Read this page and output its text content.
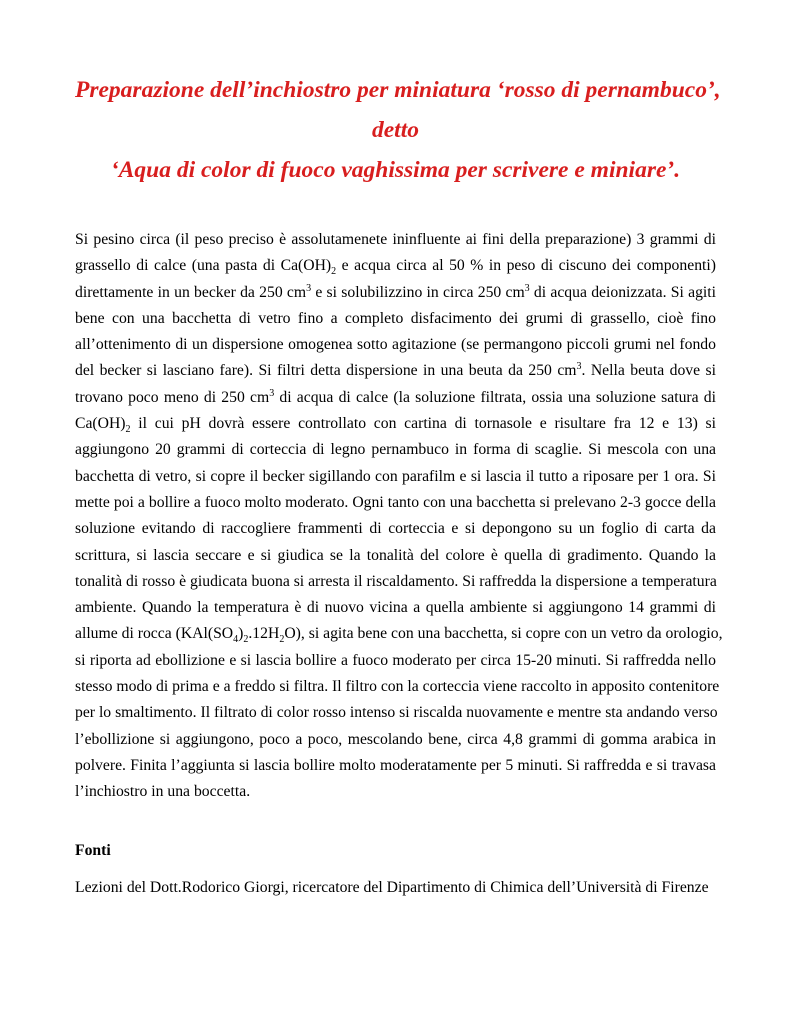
Preparazione dell’inchiostro per miniatura ‘rosso di pernambuco’,
detto
‘Aqua di color di fuoco vaghissima per scrivere e miniare’.
Si pesino circa (il peso preciso è assolutamenete ininfluente ai fini della preparazione) 3 grammi di
grassello di calce (una pasta di $Ca(OH)_2$ e acqua circa al 50 % in peso di ciscuno dei componenti)
direttamente in un becker da 250 $cm^3$ e si solubilizzino in circa 250 $cm^3$ di acqua deionizzata. Si agiti
bene con una bacchetta di vetro fino a completo disfacimento dei grumi di grassello, cioè fino
all’ottenimento di un dispersione omogenea sotto agitazione (se permangono piccoli grumi nel fondo
del becker si lasciano fare). Si filtri detta dispersione in una beuta da 250 $cm^3$. Nella beuta dove si
trovano poco meno di 250 $cm^3$ di acqua di calce (la soluzione filtrata, ossia una soluzione satura di
$Ca(OH)_2$ il cui pH dovrà essere controllato con cartina di tornasole e risultare fra 12 e 13) si
aggiungono 20 grammi di corteccia di legno pernambuco in forma di scaglie. Si mescola con una
bacchetta di vetro, si copre il becker sigillando con parafilm e si lascia il tutto a riposare per 1 ora. Si
mette poi a bollire a fuoco molto moderato. Ogni tanto con una bacchetta si prelevano 2-3 gocce della
soluzione evitando di raccogliere frammenti di corteccia e si depongono su un foglio di carta da
scrittura, si lascia seccare e si giudica se la tonalità del colore è quella di gradimento. Quando la
tonalità di rosso è giudicata buona si arresta il riscaldamento. Si raffredda la dispersione a temperatura
ambiente. Quando la temperatura è di nuovo vicina a quella ambiente si aggiungono 14 grammi di
allume di rocca $(KAl(SO_4)_2.12H_2O)$, si agita bene con una bacchetta, si copre con un vetro da orologio,
si riporta ad ebollizione e si lascia bollire a fuoco moderato per circa 15-20 minuti. Si raffredda nello
stesso modo di prima e a freddo si filtra. Il filtro con la corteccia viene raccolto in apposito contenitore
per lo smaltimento. Il filtrato di color rosso intenso si riscalda nuovamente e mentre sta andando verso
l’ebollizione si aggiungono, poco a poco, mescolando bene, circa 4,8 grammi di gomma arabica in
polvere. Finita l’aggiunta si lascia bollire molto moderatamente per 5 minuti. Si raffredda e si travasa
l’inchiostro in una boccetta.
Fonti

Lezioni del Dott.Rodorico Giorgi, ricercatore del Dipartimento di Chimica dell’Università di Firenze
